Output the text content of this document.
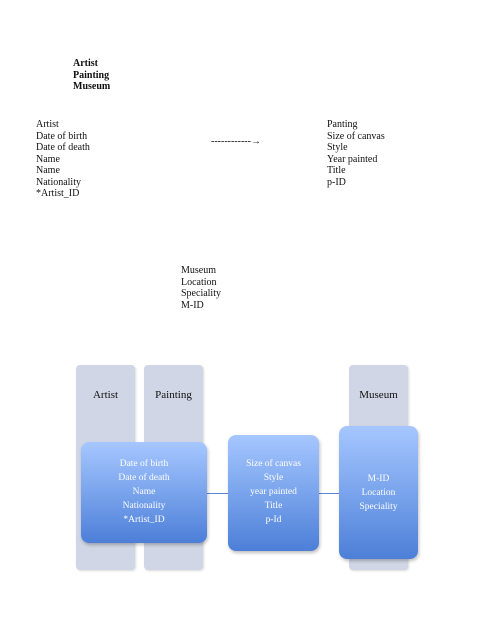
Artist
Painting
Museum
Artist
Date of birth
Date of death
Name
Name
Nationality
*Artist_ID
------------→
Panting
Size of canvas
Style
Year painted
Title
p-ID
Museum
Location
Speciality
M-ID
Artist	Painting	Museum
Date of birth
Date of death
Name
Nationality
*Artist_ID
Size of canvas
Style
year painted
Title
p-Id
M-ID
Location
Speciality
